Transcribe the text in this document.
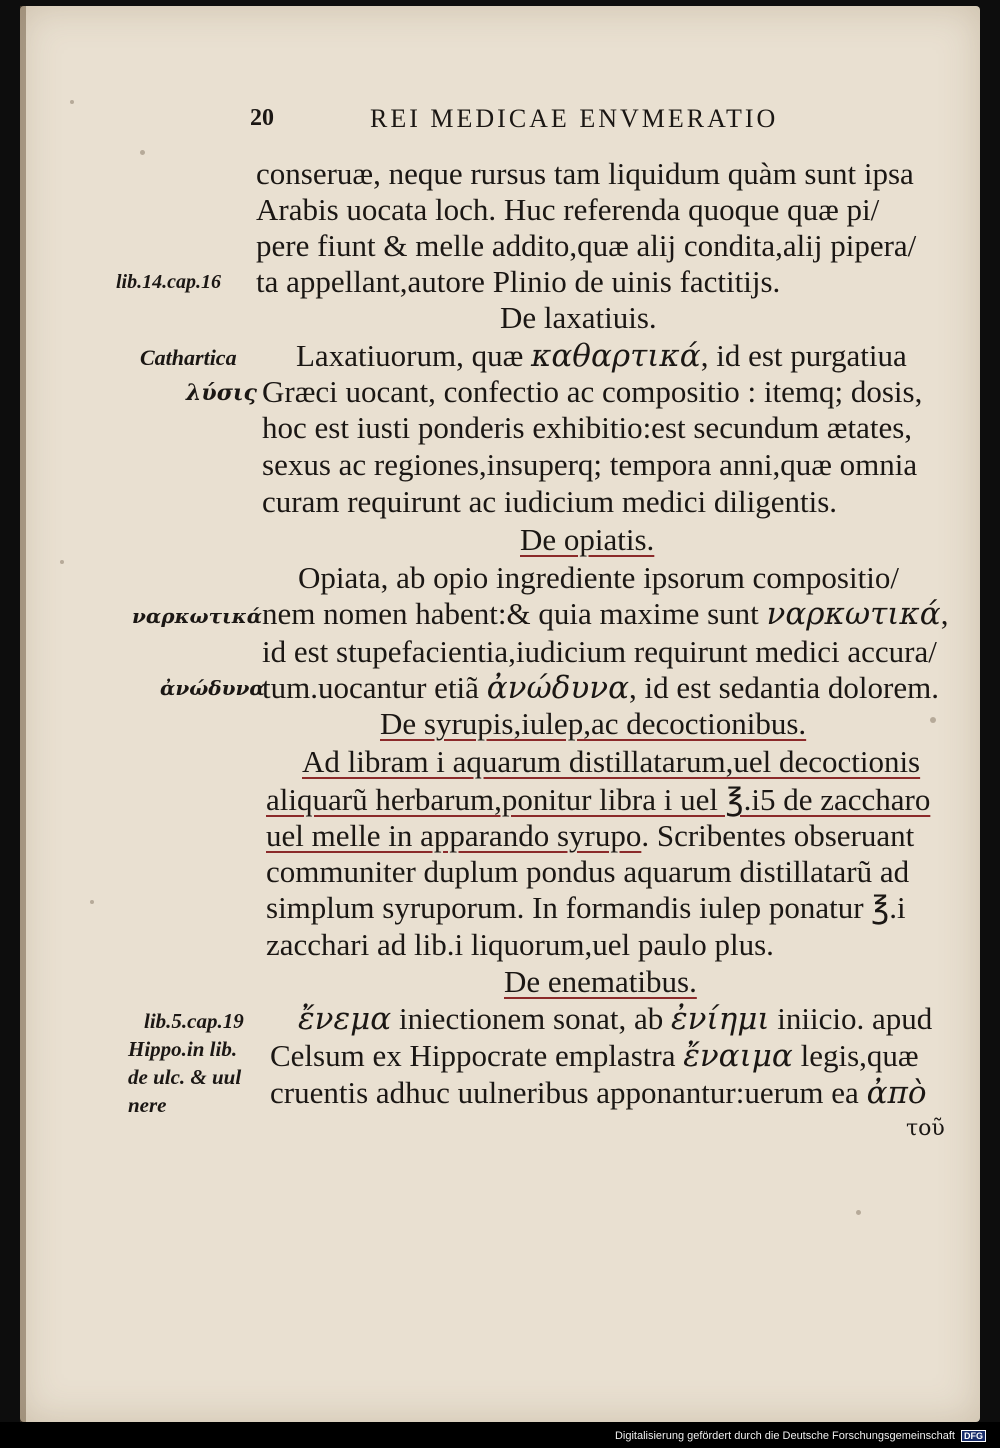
20	REI MEDICAE ENVMERATIO
conseruæ, neque rursus tam liquidum quàm sunt ipsa
Arabis uocata loch. Huc referenda quoque quæ pi/
pere fiunt & melle addito,quæ alij condita,alij pipera/
ta appellant,autore Plinio de uinis factitijs.
De laxatiuis.
Laxatiuorum, quæ καθαρτικά, id est purgatiua
Græci uocant, confectio ac compositio : itemq; dosis,
hoc est iusti ponderis exhibitio:est secundum ætates,
sexus ac regiones,insuperq; tempora anni,quæ omnia
curam requirunt ac iudicium medici diligentis.
De opiatis.
Opiata, ab opio ingrediente ipsorum compositio/
nem nomen habent:& quia maxime sunt ναρκωτικά,
id est stupefacientia,iudicium requirunt medici accura/
tum.uocantur etiã ἀνώδυνα, id est sedantia dolorem.
De syrupis,iulep,ac decoctionibus.
Ad libram i aquarum distillatarum,uel decoctionis
aliquarũ herbarum,ponitur libra i uel ℥.i5 de zaccharo
uel melle in apparando syrupo. Scribentes obseruant
communiter duplum pondus aquarum distillatarũ ad
simplum syruporum. In formandis iulep ponatur ℥.i
zacchari ad lib.i liquorum,uel paulo plus.
De enematibus.
ἔνεμα iniectionem sonat, ab ἐνίημι iniicio. apud
Celsum ex Hippocrate emplastra ἔναιμα legis,quæ
cruentis adhuc uulneribus apponantur:uerum ea ἀπὸ
τοῦ
lib.14.cap.16
Cathartica
λύσις
ναρκωτικά
ἀνώδυνα
lib.5.cap.19
Hippo.in lib.
de ulc. & uul
nere
Digitalisierung gefördert durch die Deutsche Forschungsgemeinschaft DFG
